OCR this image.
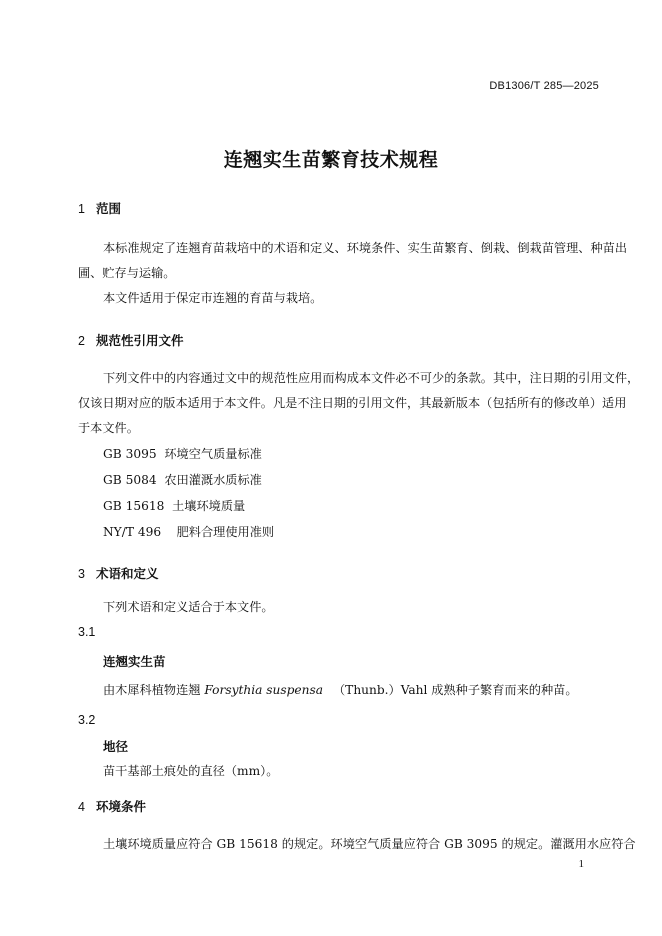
DB1306/T 285—2025
连翘实生苗繁育技术规程
1 范围
本标准规定了连翘育苗栽培中的术语和定义、环境条件、实生苗繁育、倒栽、倒栽苗管理、种苗出
圃、贮存与运输。
本文件适用于保定市连翘的育苗与栽培。
2 规范性引用文件
下列文件中的内容通过文中的规范性应用而构成本文件必不可少的条款。其中，注日期的引用文件，
仅该日期对应的版本适用于本文件。凡是不注日期的引用文件，其最新版本（包括所有的修改单）适用
于本文件。
GB 3095  环境空气质量标准
GB 5084  农田灌溉水质标准
GB 15618  土壤环境质量
NY/T 496    肥料合理使用准则
3 术语和定义
下列术语和定义适合于本文件。
3.1
连翘实生苗
由木犀科植物连翘 Forsythia suspensa （Thunb.）Vahl 成熟种子繁育而来的种苗。
3.2
地径
苗干基部土痕处的直径（mm）。
4 环境条件
土壤环境质量应符合 GB 15618 的规定。环境空气质量应符合 GB 3095 的规定。灌溉用水应符合
1
